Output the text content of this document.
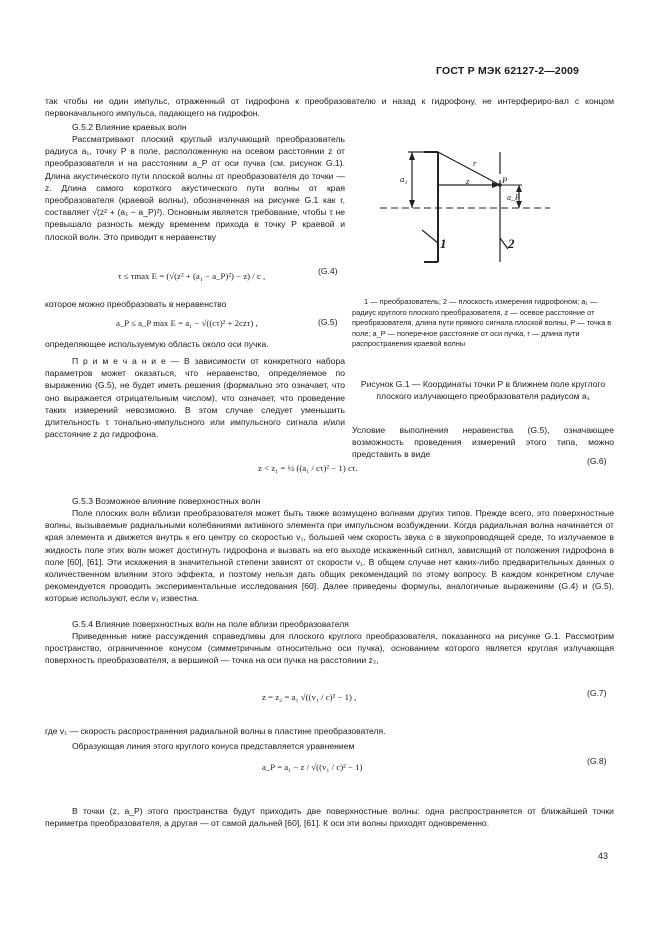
ГОСТ Р МЭК 62127-2—2009
так чтобы ни один импульс, отраженный от гидрофона к преобразователю и назад к гидрофону, не интерфериро-вал с концом первоначального импульса, падающего на гидрофон.
G.5.2 Влияние краевых волн
Рассматривают плоский круглый излучающий преобразователь радиуса a₁, точку P в поле, расположенную на осевом расстоянии z от преобразователя и на расстоянии a_P от оси пучка (см. рисунок G.1). Длина акустического пути плоской волны от преобразователя до точки — z. Длина самого короткого акустического пути волны от края преобразователя (краевой волны), обозначенная на рисунке G.1 как r, составляет √(z² + (a₁ − a_P)²). Основным является требование, чтобы τ не превышало разность между временем прихода в точку P краевой и плоской волн. Это приводит к неравенству
τ ≤ τmax E = (√(z² + (a₁ − a_P)²) − z) / c ,	(G.4)
которое можно преобразовать в неравенство
a_P ≤ a_P max E = a₁ − √((cτ)² + 2czτ) ,	(G.5)
определяющее используемую область около оси пучка.
П р и м е ч а н и е — В зависимости от конкретного набора параметров может оказаться, что неравенство, определяемое по выражению (G.5), не будет иметь решения (формально это означает, что оно выражается отрицательным числом), что означает, что проведение таких измерений невозможно. В этом случае следует уменьшить длительность τ тонально-импульсного или импульсного сигнала и/или расстояние z до гидрофона.
a₁
r
z	P
a_P
1	2
1 — преобразователь; 2 — плоскость измерения гидрофоном; a₁ — радиус круглого плоского преобразователя, z — осевое расстояние от преобразователя, длина пути прямого сигнала плоской волны, P — точка в поле; a_P — поперечное расстояние от оси пучка, r — длина пути распространения краевой волны
Рисунок G.1 — Координаты точки P в ближнем поле круглого плоского излучающего преобразователя радиусом a₁
Условие выполнения неравенства (G.5), означающее возможность проведения измерений этого типа, можно представить в виде
z < z₁ = ½ ((a₁ / cτ)² − 1) cτ.
(G.6)
G.5.3 Возможное влияние поверхностных волн
Поле плоских волн вблизи преобразователя может быть также возмущено волнами других типов. Прежде всего, это поверхностные волны, вызываемые радиальными колебаниями активного элемента при импульсном возбуждении. Когда радиальная волна начинается от края элемента и движется внутрь к его центру со скоростью v₁, большей чем скорость звука c в звукопроводящей среде, то излучаемое в жидкость поле этих волн может достигнуть гидрофона и вызвать на его выходе искаженный сигнал, зависящий от положения гидрофона в поле [60], [61]. Эти искажения в значительной степени зависят от скорости v₁. В общем случае нет каких-либо предварительных данных о количественном влиянии этого эффекта, и поэтому нельзя дать общих рекомендаций по этому вопросу. В каждом конкретном случае рекомендуется проводить экспериментальные исследования [60]. Далее приведены формулы, аналогичные выражениям (G.4) и (G.5), которые используют, если v₁ известна.
G.5.4 Влияние поверхностных волн на поле вблизи преобразователя
Приведенные ниже рассуждения справедливы для плоского круглого преобразователя, показанного на рисунке G.1. Рассмотрим пространство, ограниченное конусом (симметричным относительно оси пучка), основанием которого является круглая излучающая поверхность преобразователя, а вершиной — точка на оси пучка на расстоянии z₂,
z = z₂ = a₁ √((v₁ / c)² − 1) ,	(G.7)
где v₁ — скорость распространения радиальной волны в пластине преобразователя.
Образующая линия этого круглого конуса представляется уравнением
a_P = a₁ − z / √((v₁ / c)² − 1)
(G.8)
В точки (z, a_P) этого пространства будут приходить две поверхностные волны: одна распространяется от ближайшей точки периметра преобразователя, а другая — от самой дальней [60], [61]. К оси эти волны приходят одновременно.
43
